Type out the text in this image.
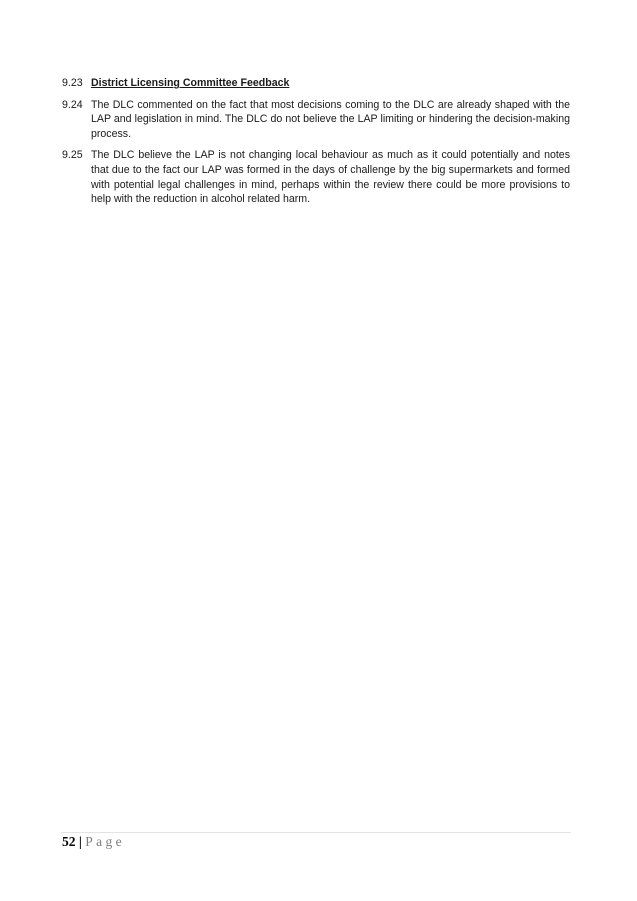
9.23 District Licensing Committee Feedback
9.24 The DLC commented on the fact that most decisions coming to the DLC are already shaped with the LAP and legislation in mind. The DLC do not believe the LAP limiting or hindering the decision-making process.
9.25 The DLC believe the LAP is not changing local behaviour as much as it could potentially and notes that due to the fact our LAP was formed in the days of challenge by the big supermarkets and formed with potential legal challenges in mind, perhaps within the review there could be more provisions to help with the reduction in alcohol related harm.
52 | Page
